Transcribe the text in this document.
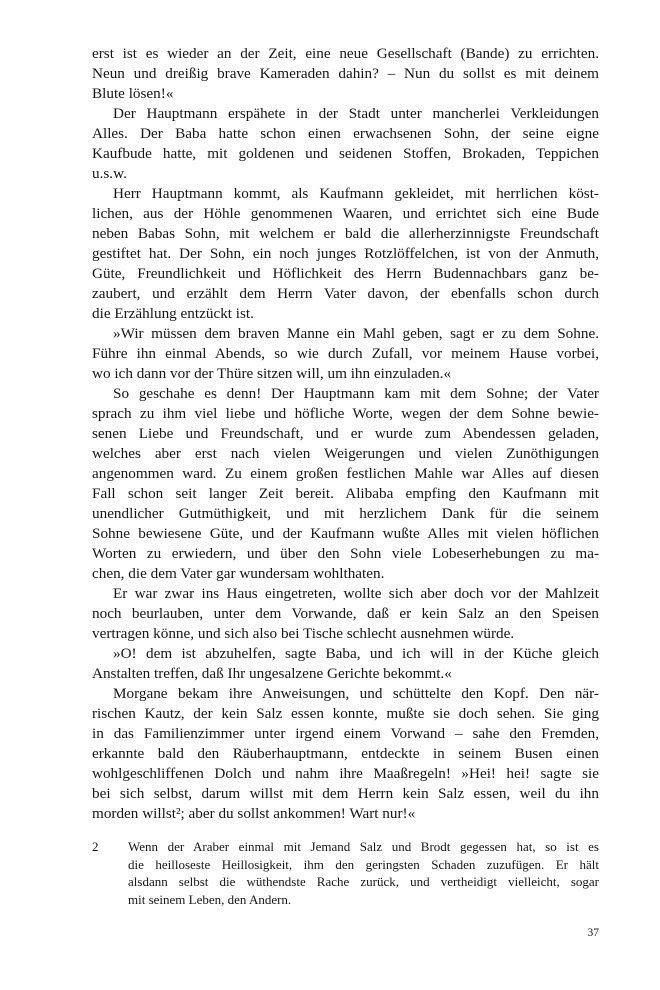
erst ist es wieder an der Zeit, eine neue Gesellschaft (Bande) zu errichten.
Neun und dreißig brave Kameraden dahin? – Nun du sollst es mit deinem
Blute lösen!«
Der Hauptmann erspähete in der Stadt unter mancherlei Verkleidungen
Alles. Der Baba hatte schon einen erwachsenen Sohn, der seine eigne
Kaufbude hatte, mit goldenen und seidenen Stoffen, Brokaden, Teppichen
u.s.w.
Herr Hauptmann kommt, als Kaufmann gekleidet, mit herrlichen köst-
lichen, aus der Höhle genommenen Waaren, und errichtet sich eine Bude
neben Babas Sohn, mit welchem er bald die allerherzinnigste Freundschaft
gestiftet hat. Der Sohn, ein noch junges Rotzlöffelchen, ist von der Anmuth,
Güte, Freundlichkeit und Höflichkeit des Herrn Budennachbars ganz be-
zaubert, und erzählt dem Herrn Vater davon, der ebenfalls schon durch
die Erzählung entzückt ist.
»Wir müssen dem braven Manne ein Mahl geben, sagt er zu dem Sohne.
Führe ihn einmal Abends, so wie durch Zufall, vor meinem Hause vorbei,
wo ich dann vor der Thüre sitzen will, um ihn einzuladen.«
So geschahe es denn! Der Hauptmann kam mit dem Sohne; der Vater
sprach zu ihm viel liebe und höfliche Worte, wegen der dem Sohne bewie-
senen Liebe und Freundschaft, und er wurde zum Abendessen geladen,
welches aber erst nach vielen Weigerungen und vielen Zunöthigungen
angenommen ward. Zu einem großen festlichen Mahle war Alles auf diesen
Fall schon seit langer Zeit bereit. Alibaba empfing den Kaufmann mit
unendlicher Gutmüthigkeit, und mit herzlichem Dank für die seinem
Sohne bewiesene Güte, und der Kaufmann wußte Alles mit vielen höflichen
Worten zu erwiedern, und über den Sohn viele Lobeserhebungen zu ma-
chen, die dem Vater gar wundersam wohlthaten.
Er war zwar ins Haus eingetreten, wollte sich aber doch vor der Mahlzeit
noch beurlauben, unter dem Vorwande, daß er kein Salz an den Speisen
vertragen könne, und sich also bei Tische schlecht ausnehmen würde.
»O! dem ist abzuhelfen, sagte Baba, und ich will in der Küche gleich
Anstalten treffen, daß Ihr ungesalzene Gerichte bekommt.«
Morgane bekam ihre Anweisungen, und schüttelte den Kopf. Den när-
rischen Kautz, der kein Salz essen konnte, mußte sie doch sehen. Sie ging
in das Familienzimmer unter irgend einem Vorwand – sahe den Fremden,
erkannte bald den Räuberhauptmann, entdeckte in seinem Busen einen
wohlgeschliffenen Dolch und nahm ihre Maaßregeln! »Hei! hei! sagte sie
bei sich selbst, darum willst mit dem Herrn kein Salz essen, weil du ihn
morden willst²; aber du sollst ankommen! Wart nur!«
2	Wenn der Araber einmal mit Jemand Salz und Brodt gegessen hat, so ist es
die heilloseste Heillosigkeit, ihm den geringsten Schaden zuzufügen. Er hält
alsdann selbst die wüthendste Rache zurück, und vertheidigt vielleicht, sogar
mit seinem Leben, den Andern.
37
